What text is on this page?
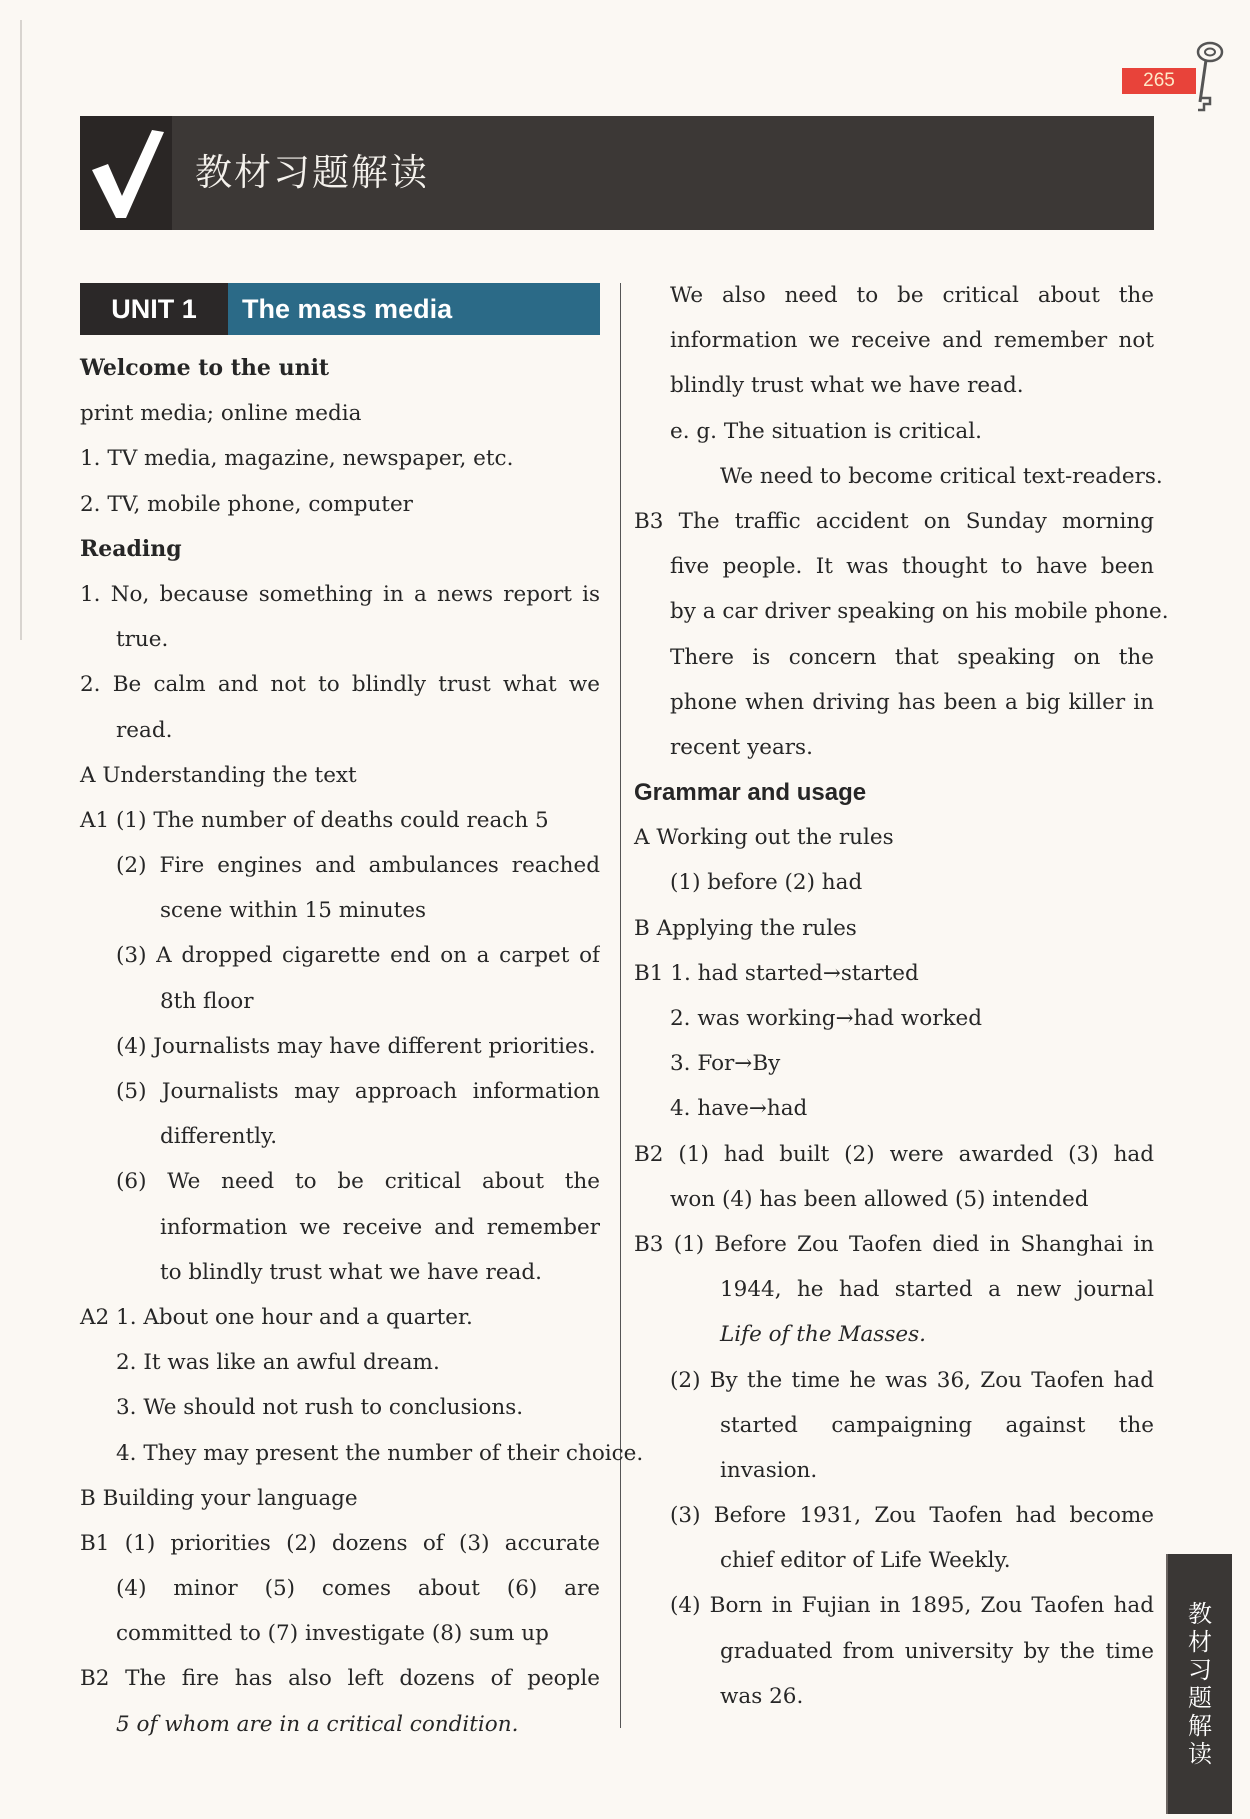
265
教材习题解读
UNIT 1	The mass media
Welcome to the unit
print media; online media
1. TV media, magazine, newspaper, etc.
2. TV, mobile phone, computer
Reading
1. No, because something in a news report is
true.
2. Be calm and not to blindly trust what we
read.
A Understanding the text
A1 (1) The number of deaths could reach 5
(2) Fire engines and ambulances reached
scene within 15 minutes
(3) A dropped cigarette end on a carpet of
8th floor
(4) Journalists may have different priorities.
(5) Journalists may approach information
differently.
(6) We need to be critical about the
information we receive and remember
to blindly trust what we have read.
A2 1. About one hour and a quarter.
2. It was like an awful dream.
3. We should not rush to conclusions.
4. They may present the number of their choice.
B Building your language
B1 (1) priorities (2) dozens of (3) accurate
(4) minor (5) comes about (6) are
committed to (7) investigate (8) sum up
B2 The fire has also left dozens of people
5 of whom are in a critical condition.
We also need to be critical about the
information we receive and remember not
blindly trust what we have read.
e. g. The situation is critical.
We need to become critical text-readers.
B3 The traffic accident on Sunday morning
five people. It was thought to have been
by a car driver speaking on his mobile phone.
There is concern that speaking on the
phone when driving has been a big killer in
recent years.
Grammar and usage
A Working out the rules
(1) before (2) had
B Applying the rules
B1 1. had started→started
2. was working→had worked
3. For→By
4. have→had
B2 (1) had built (2) were awarded (3) had
won (4) has been allowed (5) intended
B3 (1) Before Zou Taofen died in Shanghai in
1944, he had started a new journal
Life of the Masses.
(2) By the time he was 36, Zou Taofen had
started campaigning against the
invasion.
(3) Before 1931, Zou Taofen had become
chief editor of Life Weekly.
(4) Born in Fujian in 1895, Zou Taofen had
graduated from university by the time
was 26.
教
材
习
题
解
读
